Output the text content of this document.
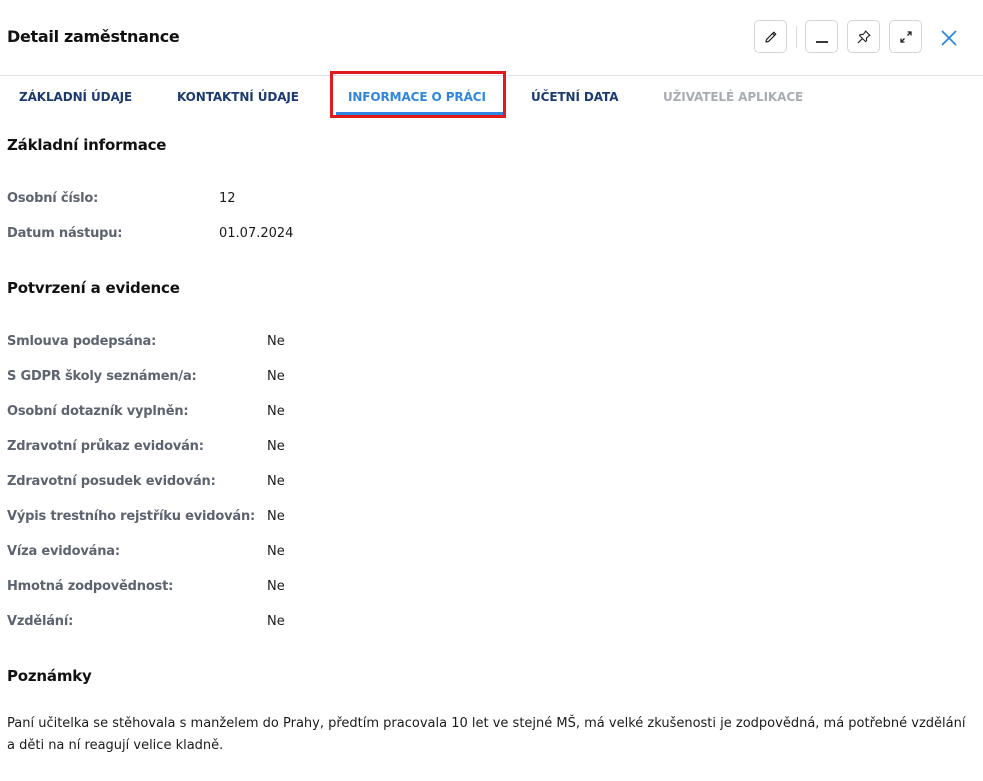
Detail zaměstnance
ZÁKLADNÍ ÚDAJE	KONTAKTNÍ ÚDAJE	INFORMACE O PRÁCI	ÚČETNÍ DATA	UŽIVATELÉ APLIKACE
Základní informace
Osobní číslo:	12
Datum nástupu:	01.07.2024
Potvrzení a evidence
Smlouva podepsána:	Ne
S GDPR školy seznámen/a:	Ne
Osobní dotazník vyplněn:	Ne
Zdravotní průkaz evidován:	Ne
Zdravotní posudek evidován:	Ne
Výpis trestního rejstříku evidován: Ne
Víza evidována:	Ne
Hmotná zodpovědnost:	Ne
Vzdělání:	Ne
Poznámky
Paní učitelka se stěhovala s manželem do Prahy, předtím pracovala 10 let ve stejné MŠ, má velké zkušenosti je zodpovědná, má potřebné vzdělání a děti na ní reagují velice kladně.
